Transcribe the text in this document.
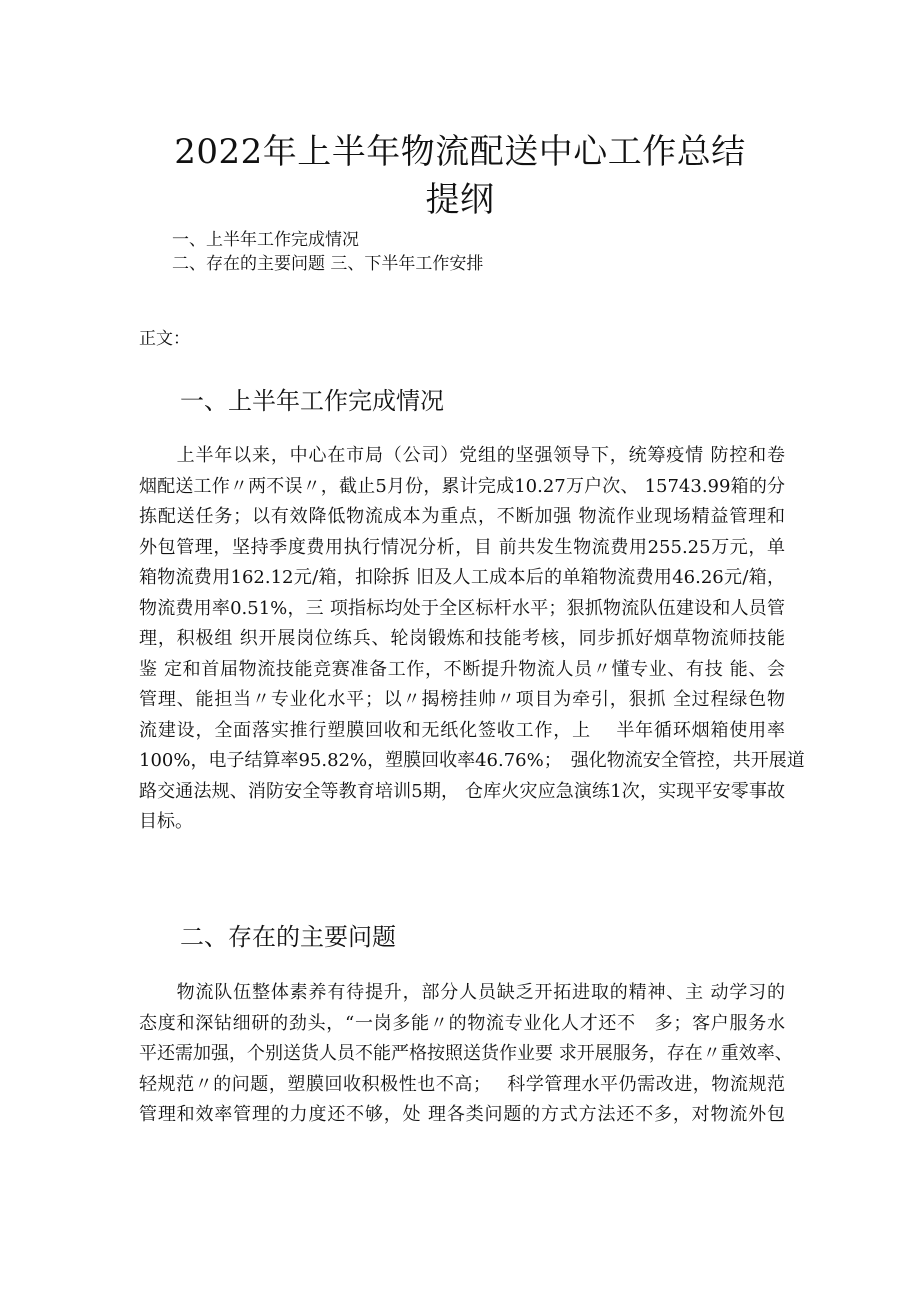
2022年上半年物流配送中心工作总结
提纲
一、上半年工作完成情况
二、存在的主要问题 三、下半年工作安排
正文：
一、上半年工作完成情况
　　上半年以来，中心在市局（公司）党组的坚强领导下，统筹疫情 防控和卷
烟配送工作〃两不误〃，截止5月份，累计完成10.27万户次、 15743.99箱的分
拣配送任务；以有效降低物流成本为重点，不断加强 物流作业现场精益管理和
外包管理，坚持季度费用执行情况分析，目 前共发生物流费用255.25万元，单
箱物流费用162.12元/箱，扣除拆 旧及人工成本后的单箱物流费用46.26元/箱，
物流费用率0.51%，三 项指标均处于全区标杆水平；狠抓物流队伍建设和人员管
理，积极组 织开展岗位练兵、轮岗锻炼和技能考核，同步抓好烟草物流师技能
鉴 定和首届物流技能竞赛准备工作，不断提升物流人员〃懂专业、有技 能、会
管理、能担当〃专业化水平；以〃揭榜挂帅〃项目为牵引，狠抓 全过程绿色物
流建设，全面落实推行塑膜回收和无纸化签收工作，上　 半年循环烟箱使用率
100%，电子结算率95.82%，塑膜回收率46.76%；　强化物流安全管控，共开展道
路交通法规、消防安全等教育培训5期， 仓库火灾应急演练1次，实现平安零事故
目标。
二、存在的主要问题
　　物流队伍整体素养有待提升，部分人员缺乏开拓进取的精神、主 动学习的
态度和深钻细研的劲头，“一岗多能〃的物流专业化人才还不　多；客户服务水
平还需加强，个别送货人员不能严格按照送货作业要 求开展服务，存在〃重效率、
轻规范〃的问题，塑膜回收积极性也不高；　 科学管理水平仍需改进，物流规范
管理和效率管理的力度还不够，处 理各类问题的方式方法还不多，对物流外包
